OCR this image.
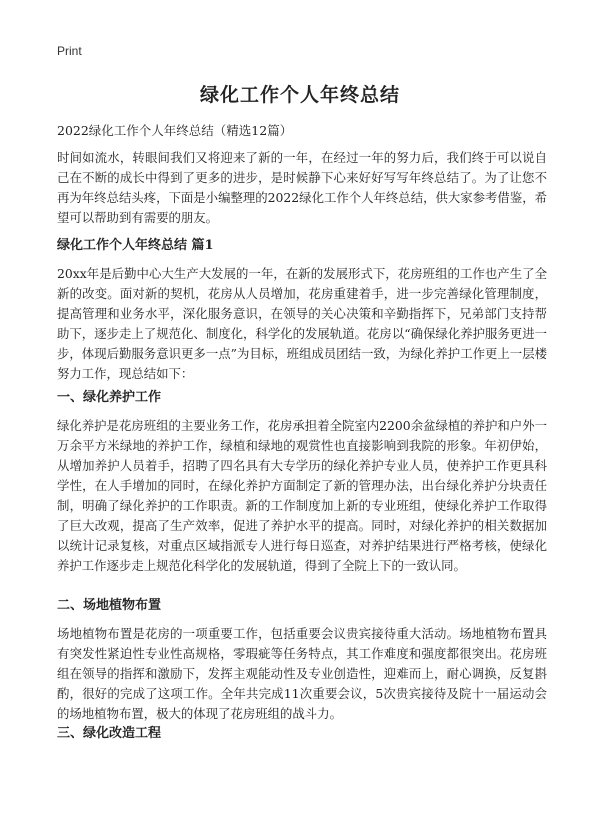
Print
绿化工作个人年终总结

2022绿化工作个人年终总结（精选12篇）

时间如流水，转眼间我们又将迎来了新的一年，在经过一年的努力后，我们终于可以说自己在不断的成长中得到了更多的进步，是时候静下心来好好写写年终总结了。为了让您不再为年终总结头疼，下面是小编整理的2022绿化工作个人年终总结，供大家参考借鉴，希望可以帮助到有需要的朋友。

绿化工作个人年终总结 篇1

20xx年是后勤中心大生产大发展的一年，在新的发展形式下，花房班组的工作也产生了全新的改变。面对新的契机，花房从人员增加，花房重建着手，进一步完善绿化管理制度，提高管理和业务水平，深化服务意识，在领导的关心决策和辛勤指挥下，兄弟部门支持帮助下，逐步走上了规范化、制度化，科学化的发展轨道。花房以“确保绿化养护服务更进一步，体现后勤服务意识更多一点”为目标，班组成员团结一致，为绿化养护工作更上一层楼努力工作，现总结如下：

一、绿化养护工作

绿化养护是花房班组的主要业务工作，花房承担着全院室内2200余盆绿植的养护和户外一万余平方米绿地的养护工作，绿植和绿地的观赏性也直接影响到我院的形象。年初伊始，从增加养护人员着手，招聘了四名具有大专学历的绿化养护专业人员，使养护工作更具科学性，在人手增加的同时，在绿化养护方面制定了新的管理办法，出台绿化养护分块责任制，明确了绿化养护的工作职责。新的工作制度加上新的专业班组，使绿化养护工作取得了巨大改观，提高了生产效率，促进了养护水平的提高。同时，对绿化养护的相关数据加以统计记录复核，对重点区域指派专人进行每日巡查，对养护结果进行严格考核，使绿化养护工作逐步走上规范化科学化的发展轨道，得到了全院上下的一致认同。

二、场地植物布置

场地植物布置是花房的一项重要工作，包括重要会议贵宾接待重大活动。场地植物布置具有突发性紧迫性专业性高规格，零瑕疵等任务特点，其工作难度和强度都很突出。花房班组在领导的指挥和激励下，发挥主观能动性及专业创造性，迎难而上，耐心调换，反复斟酌，很好的完成了这项工作。全年共完成11次重要会议，5次贵宾接待及院十一届运动会的场地植物布置，极大的体现了花房班组的战斗力。

三、绿化改造工程
